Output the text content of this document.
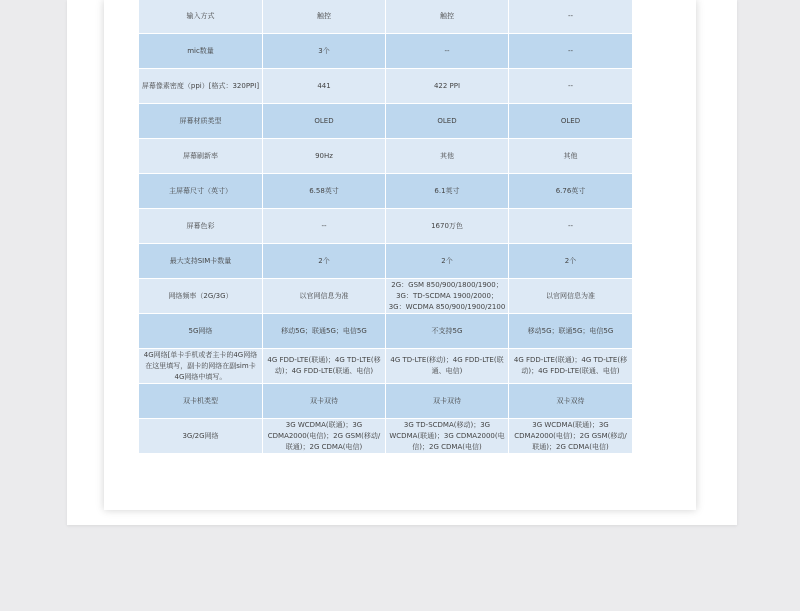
输入方式	触控	触控	--

mic数量	3个	--	--

屏幕像素密度（ppi）[格式：320PPI]	441	422 PPI	--

屏幕材质类型	OLED	OLED	OLED

屏幕刷新率	90Hz	其他	其他

主屏幕尺寸（英寸）	6.58英寸	6.1英寸	6.76英寸

屏幕色彩	--	1670万色	--

最大支持SIM卡数量	2个	2个	2个

网络频率（2G/3G）	以官网信息为准	2G：GSM 850/900/1800/1900；3G：TD-SCDMA 1900/2000；3G：WCDMA 850/900/1900/2100	以官网信息为准

5G网络	移动5G；联通5G；电信5G	不支持5G	移动5G；联通5G；电信5G

4G网络[单卡手机或者主卡的4G网络在这里填写，副卡的网络在副sim卡4G网络中填写。	4G FDD-LTE(联通)；4G TD-LTE(移动)；4G FDD-LTE(联通、电信)	4G TD-LTE(移动)；4G FDD-LTE(联通、电信)	4G FDD-LTE(联通)；4G TD-LTE(移动)；4G FDD-LTE(联通、电信)

双卡机类型	双卡双待	双卡双待	双卡双待

3G/2G网络	3G WCDMA(联通)；3G CDMA2000(电信)；2G GSM(移动/联通)；2G CDMA(电信)	3G TD-SCDMA(移动)；3G WCDMA(联通)；3G CDMA2000(电信)；2G CDMA(电信)	3G WCDMA(联通)；3G CDMA2000(电信)；2G GSM(移动/联通)；2G CDMA(电信)
